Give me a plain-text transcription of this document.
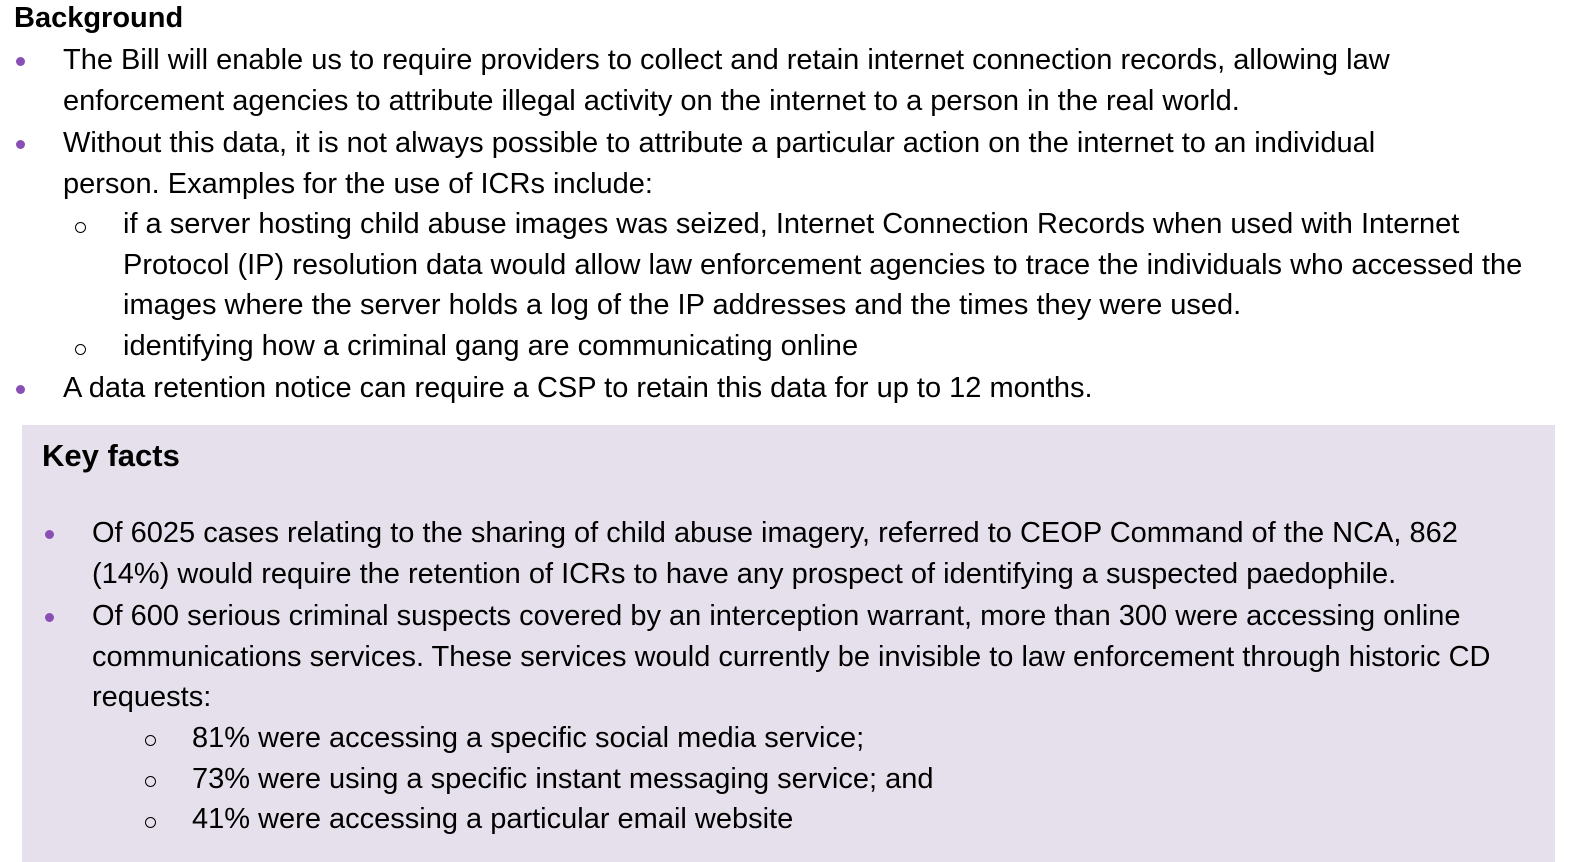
Background

The Bill will enable us to require providers to collect and retain internet connection records, allowing law enforcement agencies to attribute illegal activity on the internet to a person in the real world.

Without this data, it is not always possible to attribute a particular action on the internet to an individual person. Examples for the use of ICRs include:

if a server hosting child abuse images was seized, Internet Connection Records when used with Internet Protocol (IP) resolution data would allow law enforcement agencies to trace the individuals who accessed the images where the server holds a log of the IP addresses and the times they were used.

identifying how a criminal gang are communicating online

A data retention notice can require a CSP to retain this data for up to 12 months.

Key facts

Of 6025 cases relating to the sharing of child abuse imagery, referred to CEOP Command of the NCA, 862 (14%) would require the retention of ICRs to have any prospect of identifying a suspected paedophile.

Of 600 serious criminal suspects covered by an interception warrant, more than 300 were accessing online communications services. These services would currently be invisible to law enforcement through historic CD requests:

81% were accessing a specific social media service;

73% were using a specific instant messaging service; and

41% were accessing a particular email website
